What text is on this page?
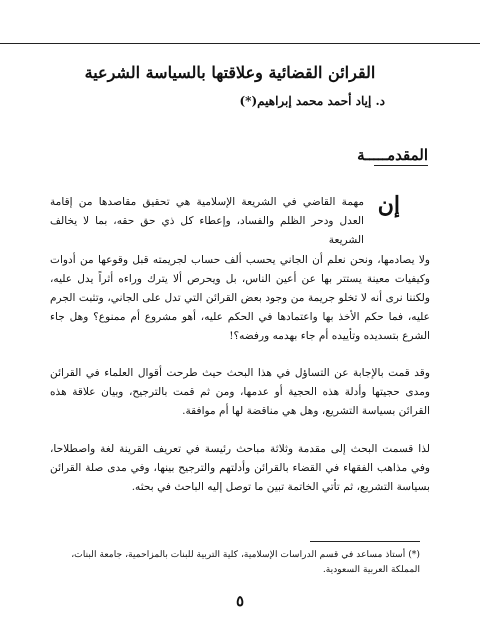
القرائن القضائية وعلاقتها بالسياسة الشرعية
د. إياد أحمد محمد إبراهيم(*)
المقدمـــــة
إن

مهمة القاضي في الشريعة الإسلامية هي تحقيق مقاصدها من إقامة العدل ودحر الظلم والفساد، وإعطاء كل ذي حق حقه، بما لا يخالف الشريعة

ولا يصادمها، ونحن نعلم أن الجاني يحسب ألف حساب لجريمته قبل وقوعها من أدوات وكيفيات معينة يستتر بها عن أعين الناس، بل ويحرص ألا يترك وراءه أثراً يدل عليه، ولكننا نرى أنه لا تخلو جريمة من وجود بعض القرائن التي تدل على الجاني، وتثبت الجرم عليه، فما حكم الأخذ بها واعتمادها في الحكم عليه، أهو مشروع أم ممنوع؟ وهل جاء الشرع بتسديده وتأييده أم جاء بهدمه ورفضه؟!

وقد قمت بالإجابة عن التساؤل في هذا البحث حيث طرحت أقوال العلماء في القرائن ومدى حجيتها وأدلة هذه الحجية أو عدمها، ومن ثم قمت بالترجيح، وبيان علاقة هذه القرائن بسياسة التشريع، وهل هي مناقضة لها أم موافقة.

لذا قسمت البحث إلى مقدمة وثلاثة مباحث رئيسة في تعريف القرينة لغة واصطلاحا، وفي مذاهب الفقهاء في القضاء بالقرائن وأدلتهم والترجيح بينها، وفي مدى صلة القرائن بسياسة التشريع، ثم تأتي الخاتمة تبين ما توصل إليه الباحث في بحثه.

(*) أستاذ مساعد في قسم الدراسات الإسلامية، كلية التربية للبنات بالمزاحمية، جامعة البنات، المملكة العربية السعودية.
٥
